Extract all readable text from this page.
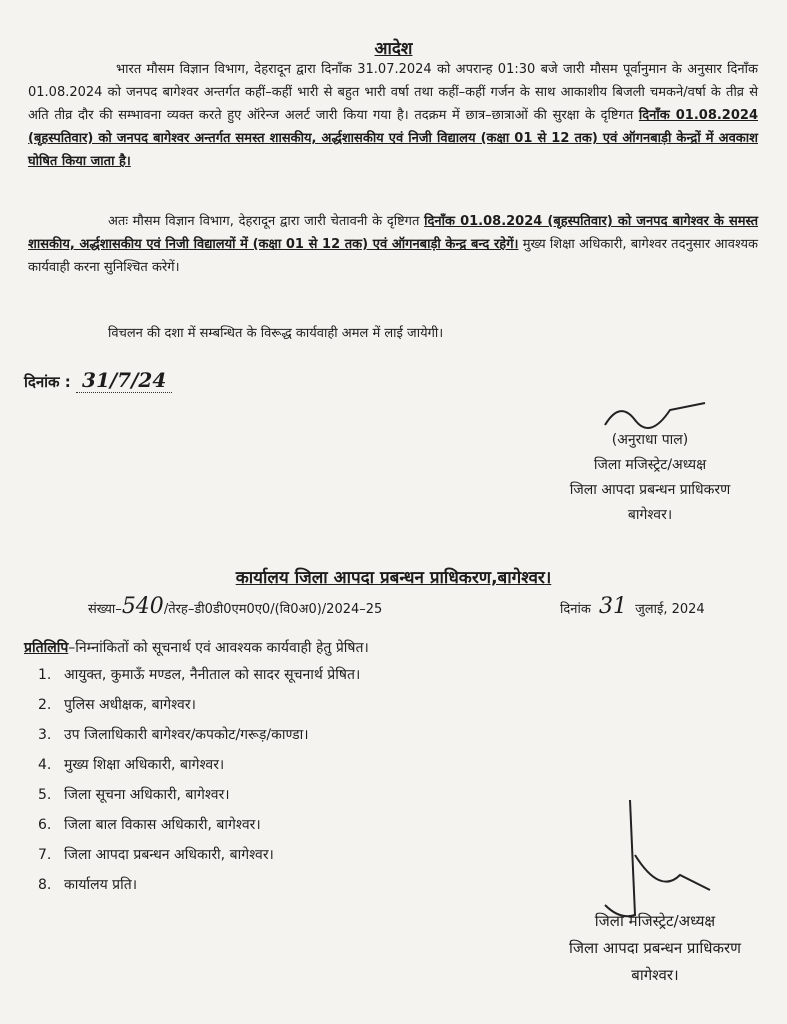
आदेश
भारत मौसम विज्ञान विभाग, देहरादून द्वारा दिनाँक 31.07.2024 को अपरान्ह 01:30 बजे जारी मौसम पूर्वानुमान के अनुसार दिनाँक 01.08.2024 को जनपद बागेश्वर अन्तर्गत कहीं–कहीं भारी से बहुत भारी वर्षा तथा कहीं–कहीं गर्जन के साथ आकाशीय बिजली चमकने/वर्षा के तीव्र से अति तीव्र दौर की सम्भावना व्यक्त करते हुए ऑरेन्ज अलर्ट जारी किया गया है। तदक्रम में छात्र–छात्राओं की सुरक्षा के दृष्टिगत दिनाँक 01.08.2024 (बृहस्पतिवार) को जनपद बागेश्वर अन्तर्गत समस्त शासकीय, अर्द्धशासकीय एवं निजी विद्यालय (कक्षा 01 से 12 तक) एवं ऑगनबाड़ी केन्द्रों में अवकाश घोषित किया जाता है।
अतः मौसम विज्ञान विभाग, देहरादून द्वारा जारी चेतावनी के दृष्टिगत दिनाँक 01.08.2024 (बृहस्पतिवार) को जनपद बागेश्वर के समस्त शासकीय, अर्द्धशासकीय एवं निजी विद्यालयों में (कक्षा 01 से 12 तक) एवं ऑगनबाड़ी केन्द्र बन्द रहेगें। मुख्य शिक्षा अधिकारी, बागेश्वर तदनुसार आवश्यक कार्यवाही करना सुनिश्चित करेगें।
विचलन की दशा में सम्बन्धित के विरूद्ध कार्यवाही अमल में लाई जायेगी।
दिनांक : 31/7/24
(अनुराधा पाल)
जिला मजिस्ट्रेट/अध्यक्ष
जिला आपदा प्रबन्धन प्राधिकरण
बागेश्वर।
कार्यालय जिला आपदा प्रबन्धन प्राधिकरण,बागेश्वर।
संख्या–540/तेरह–डी0डी0एम0ए0/(वि0अ0)/2024–25	दिनांक 31 जुलाई, 2024
प्रतिलिपि–निम्नांकितों को सूचनार्थ एवं आवश्यक कार्यवाही हेतु प्रेषित।
1. आयुक्त, कुमाऊँ मण्डल, नैनीताल को सादर सूचनार्थ प्रेषित।
2. पुलिस अधीक्षक, बागेश्वर।
3. उप जिलाधिकारी बागेश्वर/कपकोट/गरूड़/काण्डा।
4. मुख्य शिक्षा अधिकारी, बागेश्वर।
5. जिला सूचना अधिकारी, बागेश्वर।
6. जिला बाल विकास अधिकारी, बागेश्वर।
7. जिला आपदा प्रबन्धन अधिकारी, बागेश्वर।
8. कार्यालय प्रति।
जिला मजिस्ट्रेट/अध्यक्ष
जिला आपदा प्रबन्धन प्राधिकरण
बागेश्वर।
